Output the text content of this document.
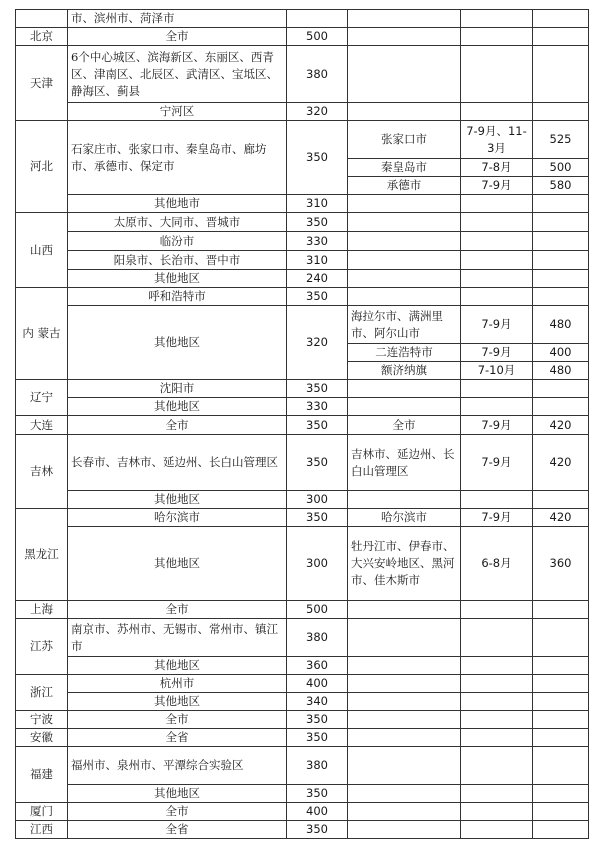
	市、滨州市、菏泽市				
北京	全市	500			
天津	6个中心城区、滨海新区、东丽区、西青区、津南区、北辰区、武清区、宝坻区、静海区、蓟县	380			
	宁河区	320			
河北	石家庄市、张家口市、秦皇岛市、廊坊市、承德市、保定市	350	张家口市	7-9月、11-3月	525
			秦皇岛市	7-8月	500
			承德市	7-9月	580
	其他地市	310			
山西	太原市、大同市、晋城市	350			
	临汾市	330			
	阳泉市、长治市、晋中市	310			
	其他地区	240			
内 蒙古	呼和浩特市	350			
	其他地区	320	海拉尔市、满洲里市、阿尔山市	7-9月	480
			二连浩特市	7-9月	400
			额济纳旗	7-10月	480
辽宁	沈阳市	350			
	其他地区	330			
大连	全市	350	全市	7-9月	420
吉林	长春市、吉林市、延边州、长白山管理区	350	吉林市、延边州、长白山管理区	7-9月	420
	其他地区	300			
黑龙江	哈尔滨市	350	哈尔滨市	7-9月	420
	其他地区	300	牡丹江市、伊春市、大兴安岭地区、黑河市、佳木斯市	6-8月	360
上海	全市	500			
江苏	南京市、苏州市、无锡市、常州市、镇江市	380			
	其他地区	360			
浙江	杭州市	400			
	其他地区	340			
宁波	全市	350			
安徽	全省	350			
福建	福州市、泉州市、平潭综合实验区	380			
	其他地区	350			
厦门	全市	400			
江西	全省	350			
